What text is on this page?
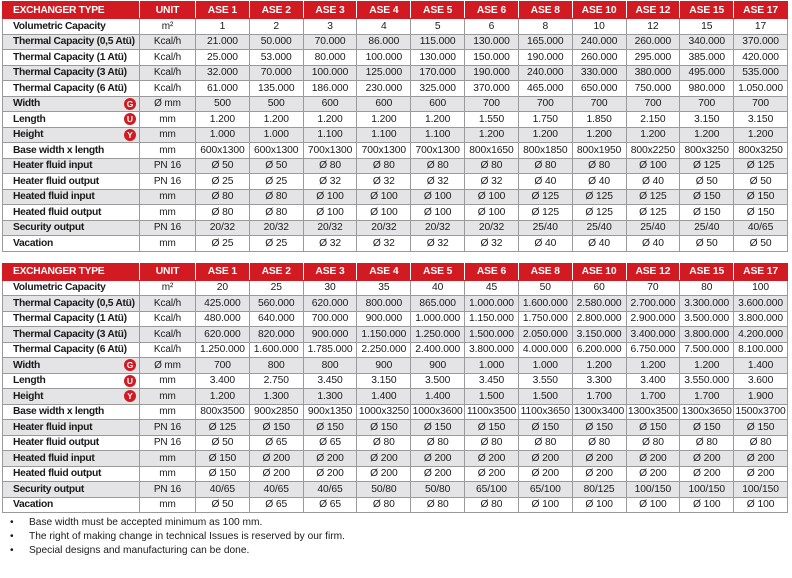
EXCHANGER TYPE	UNIT	ASE 1	ASE 2	ASE 3	ASE 4	ASE 5	ASE 6	ASE 8	ASE 10	ASE 12	ASE 15	ASE 17
Volumetric Capacity	m²	1	2	3	4	5	6	8	10	12	15	17
Thermal Capacity (0,5 Atü)	Kcal/h	21.000	50.000	70.000	86.000	115.000	130.000	165.000	240.000	260.000	340.000	370.000
Thermal Capacity (1 Atü)	Kcal/h	25.000	53.000	80.000	100.000	130.000	150.000	190.000	260.000	295.000	385.000	420.000
Thermal Capacity (3 Atü)	Kcal/h	32.000	70.000	100.000	125.000	170.000	190.000	240.000	330.000	380.000	495.000	535.000
Thermal Capacity (6 Atü)	Kcal/h	61.000	135.000	186.000	230.000	325.000	370.000	465.000	650.000	750.000	980.000	1.050.000
Width G	Ø mm	500	500	600	600	600	700	700	700	700	700	700
Length U	mm	1.200	1.200	1.200	1.200	1.200	1.550	1.750	1.850	2.150	3.150	3.150
Height Y	mm	1.000	1.000	1.100	1.100	1.100	1.200	1.200	1.200	1.200	1.200	1.200
Base width x length	mm	600x1300	600x1300	700x1300	700x1300	700x1300	800x1650	800x1850	800x1950	800x2250	800x3250	800x3250
Heater fluid input	PN 16	Ø 50	Ø 50	Ø 80	Ø 80	Ø 80	Ø 80	Ø 80	Ø 80	Ø 100	Ø 125	Ø 125
Heater fluid output	PN 16	Ø 25	Ø 25	Ø 32	Ø 32	Ø 32	Ø 32	Ø 40	Ø 40	Ø 40	Ø 50	Ø 50
Heated fluid input	mm	Ø 80	Ø 80	Ø 100	Ø 100	Ø 100	Ø 100	Ø 125	Ø 125	Ø 125	Ø 150	Ø 150
Heated fluid output	mm	Ø 80	Ø 80	Ø 100	Ø 100	Ø 100	Ø 100	Ø 125	Ø 125	Ø 125	Ø 150	Ø 150
Security output	PN 16	20/32	20/32	20/32	20/32	20/32	20/32	25/40	25/40	25/40	25/40	40/65
Vacation	mm	Ø 25	Ø 25	Ø 32	Ø 32	Ø 32	Ø 32	Ø 40	Ø 40	Ø 40	Ø 50	Ø 50
EXCHANGER TYPE	UNIT	ASE 1	ASE 2	ASE 3	ASE 4	ASE 5	ASE 6	ASE 8	ASE 10	ASE 12	ASE 15	ASE 17
Volumetric Capacity	m²	20	25	30	35	40	45	50	60	70	80	100
Thermal Capacity (0,5 Atü)	Kcal/h	425.000	560.000	620.000	800.000	865.000	1.000.000	1.600.000	2.580.000	2.700.000	3.300.000	3.600.000
Thermal Capacity (1 Atü)	Kcal/h	480.000	640.000	700.000	900.000	1.000.000	1.150.000	1.750.000	2.800.000	2.900.000	3.500.000	3.800.000
Thermal Capacity (3 Atü)	Kcal/h	620.000	820.000	900.000	1.150.000	1.250.000	1.500.000	2.050.000	3.150.000	3.400.000	3.800.000	4.200.000
Thermal Capacity (6 Atü)	Kcal/h	1.250.000	1.600.000	1.785.000	2.250.000	2.400.000	3.800.000	4.000.000	6.200.000	6.750.000	7.500.000	8.100.000
Width G	Ø mm	700	800	800	900	900	1.000	1.000	1.200	1.200	1.200	1.400
Length U	mm	3.400	2.750	3.450	3.150	3.500	3.450	3.550	3.300	3.400	3.550.000	3.600
Height Y	mm	1.200	1.300	1.300	1.400	1.400	1.500	1.500	1.700	1.700	1.700	1.900
Base width x length	mm	800x3500	900x2850	900x1350	1000x3250	1000x3600	1100x3500	1100x3650	1300x3400	1300x3500	1300x3650	1500x3700
Heater fluid input	PN 16	Ø 125	Ø 150	Ø 150	Ø 150	Ø 150	Ø 150	Ø 150	Ø 150	Ø 150	Ø 150	Ø 150
Heater fluid output	PN 16	Ø 50	Ø 65	Ø 65	Ø 80	Ø 80	Ø 80	Ø 80	Ø 80	Ø 80	Ø 80	Ø 80
Heated fluid input	mm	Ø 150	Ø 200	Ø 200	Ø 200	Ø 200	Ø 200	Ø 200	Ø 200	Ø 200	Ø 200	Ø 200
Heated fluid output	mm	Ø 150	Ø 200	Ø 200	Ø 200	Ø 200	Ø 200	Ø 200	Ø 200	Ø 200	Ø 200	Ø 200
Security output	PN 16	40/65	40/65	40/65	50/80	50/80	65/100	65/100	80/125	100/150	100/150	100/150
Vacation	mm	Ø 50	Ø 65	Ø 65	Ø 80	Ø 80	Ø 80	Ø 100	Ø 100	Ø 100	Ø 100	Ø 100
• Base width must be accepted minimum as 100 mm.
• The right of making change in technical Issues is reserved by our firm.
• Special designs and manufacturing can be done.
